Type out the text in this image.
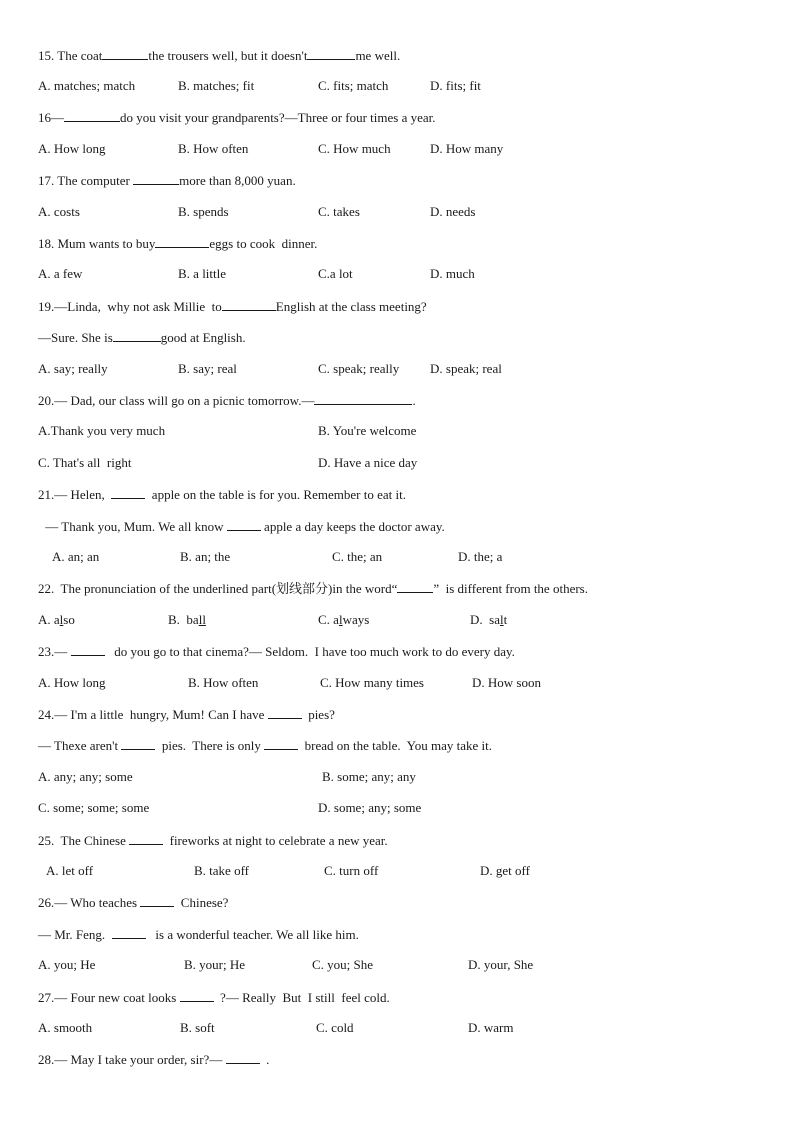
15. The coat	the trousers well, but it doesn't	me well.
A. matches; match	B. matches; fit	C. fits; match	D. fits; fit
16—	do you visit your grandparents?—Three or four times a year.
A. How long	B. How often	C. How much	D. How many
17. The computer	more than 8,000 yuan.
A. costs	B. spends	C. takes	D. needs
18. Mum wants to buy	eggs to cook  dinner.
A. a few	B. a little	C.a lot	D. much
19.—Linda,  why not ask Millie  to	English at the class meeting?
—Sure. She is	good at English.
A. say; really	B. say; real	C. speak; really D. speak; real
20.— Dad, our class will go on a picnic tomorrow.—	.
A.Thank you very much	B. You're welcome
C. That's all  right	D. Have a nice day
21.— Helen,	apple on the table is for you. Remember to eat it.
— Thank you, Mum. We all know	apple a day keeps the doctor away.
A. an; an	B. an; the	C. the; an	D. the; a
22.  The pronunciation of the underlined part(划线部分)in the word“	”  is different from the others.
A. also	B.  ball	C. always	D.  salt
23.—	do you go to that cinema?— Seldom.  I have too much work to do every day.
A. How long	B. How often	C. How many times	D. How soon
24.— I'm a little  hungry, Mum! Can I have	pies?
— Thexe aren't	pies.  There is only	bread on the table.  You may take it.
A. any; any; some	B. some; any; any
C. some; some; some	D. some; any; some
25.  The Chinese	fireworks at night to celebrate a new year.
A. let off	B. take off	C. turn off	D. get off
26.— Who teaches	Chinese?
— Mr. Feng.	is a wonderful teacher. We all like him.
A. you; He	B. your; He	C. you; She	D. your, She
27.— Four new coat looks	?— Really  But  I still  feel cold.
A. smooth	B. soft	C. cold	D. warm
28.— May I take your order, sir?—	.
